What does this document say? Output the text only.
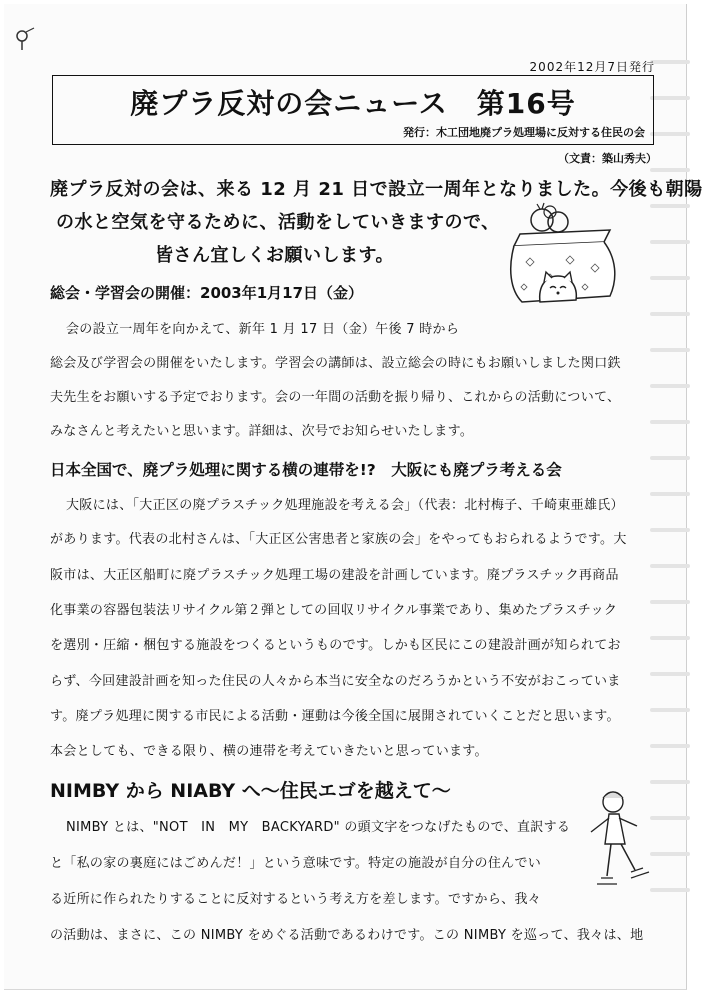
2002年12月7日発行
廃プラ反対の会ニュース　第16号
発行：木工団地廃プラ処理場に反対する住民の会
（文責：築山秀夫）
廃プラ反対の会は、来る 12 月 21 日で設立一周年となりました。今後も朝陽
の水と空気を守るために、活動をしていきますので、
皆さん宜しくお願いします。
総会・学習会の開催：2003年1月17日（金）
会の設立一周年を向かえて、新年 1 月 17 日（金）午後 7 時から
総会及び学習会の開催をいたします。学習会の講師は、設立総会の時にもお願いしました関口鉄
夫先生をお願いする予定でおります。会の一年間の活動を振り帰り、これからの活動について、
みなさんと考えたいと思います。詳細は、次号でお知らせいたします。
日本全国で、廃プラ処理に関する横の連帯を!?　大阪にも廃プラ考える会
大阪には、「大正区の廃プラスチック処理施設を考える会」（代表：北村梅子、千崎東亜雄氏）
があります。代表の北村さんは、「大正区公害患者と家族の会」をやってもおられるようです。大
阪市は、大正区船町に廃プラスチック処理工場の建設を計画しています。廃プラスチック再商品
化事業の容器包装法リサイクル第２弾としての回収リサイクル事業であり、集めたプラスチック
を選別・圧縮・梱包する施設をつくるというものです。しかも区民にこの建設計画が知られてお
らず、今回建設計画を知った住民の人々から本当に安全なのだろうかという不安がおこっていま
す。廃プラ処理に関する市民による活動・運動は今後全国に展開されていくことだと思います。
本会としても、できる限り、横の連帯を考えていきたいと思っています。
NIMBY から NIABY へ～住民エゴを越えて～
NIMBY とは、"NOT　IN　MY　BACKYARD" の頭文字をつなげたもので、直訳する
と「私の家の裏庭にはごめんだ！」という意味です。特定の施設が自分の住んでい
る近所に作られたりすることに反対するという考え方を差します。ですから、我々
の活動は、まさに、この NIMBY をめぐる活動であるわけです。この NIMBY を巡って、我々は、地
